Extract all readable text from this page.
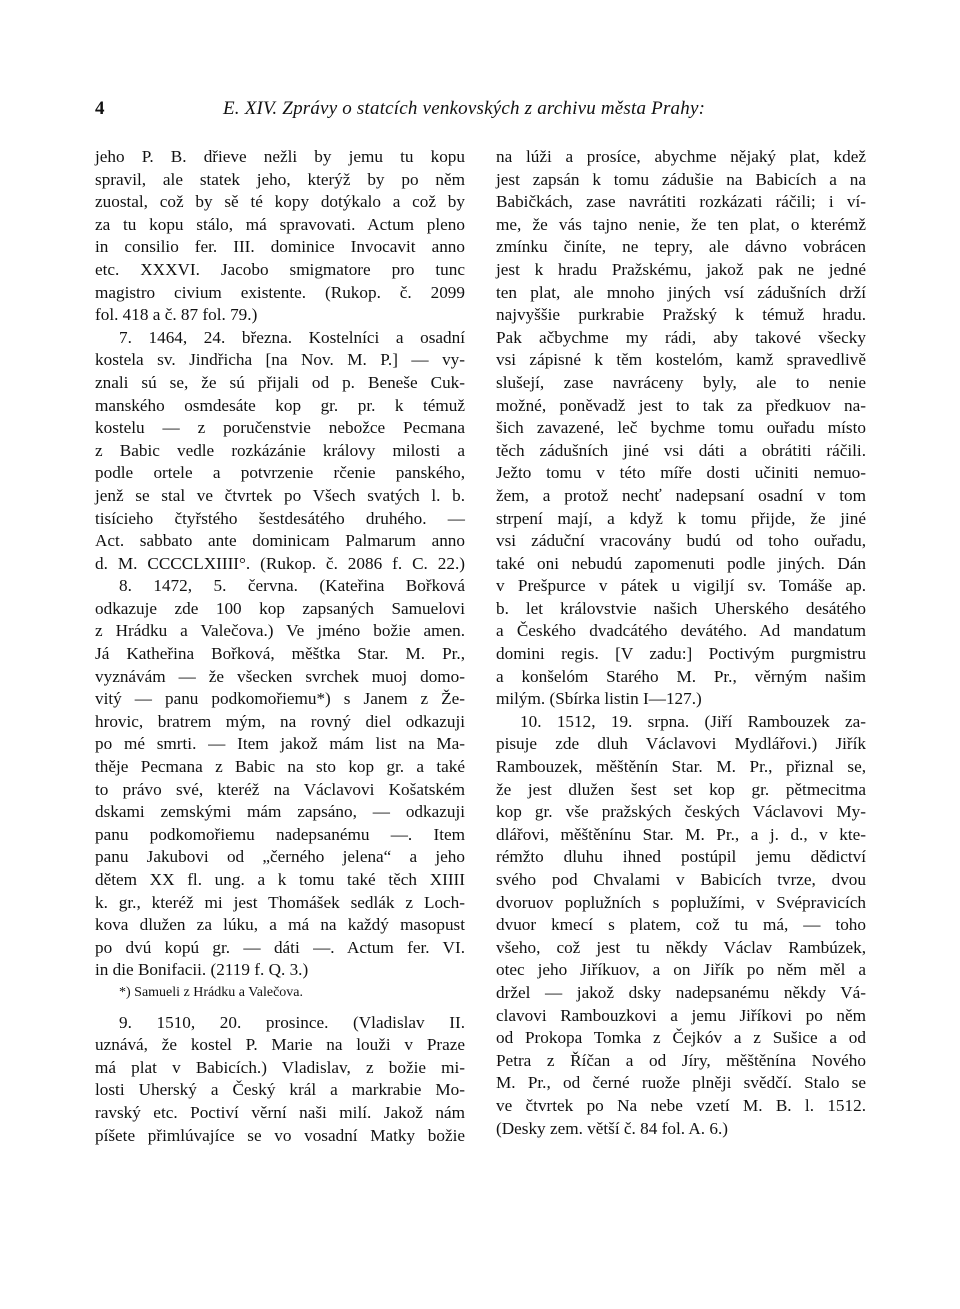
4	E. XIV. Zprávy o statcích venkovských z archivu města Prahy:
jeho P. B. dřieve nežli by jemu tu kopu
spravil, ale statek jeho, kterýž by po něm
zuostal, což by sě té kopy dotýkalo a což by
za tu kopu stálo, má spravovati. Actum pleno
in consilio fer. III. dominice Invocavit anno
etc. XXXVI. Jacobo smigmatore pro tunc
magistro civium existente. (Rukop. č. 2099
fol. 418 a č. 87 fol. 79.)
7. 1464, 24. března. Kostelníci a osadní
kostela sv. Jindřicha [na Nov. M. P.] — vy-
znali sú se, že sú přijali od p. Beneše Cuk-
manského osmdesáte kop gr. pr. k témuž
kostelu — z poručenstvie nebožce Pecmana
z Babic vedle rozkázánie královy milosti a
podle ortele a potvrzenie rčenie panského,
jenž se stal ve čtvrtek po Všech svatých l. b.
tisícieho čtyřstého šestdesátého druhého. —
Act. sabbato ante dominicam Palmarum anno
d. M. CCCCLXIIII°. (Rukop. č. 2086 f. C. 22.)
8. 1472, 5. června. (Kateřina Bořková
odkazuje zde 100 kop zapsaných Samuelovi
z Hrádku a Valečova.) Ve jméno božie amen.
Já Katheřina Bořková, měštka Star. M. Pr.,
vyznávám — že všecken svrchek muoj domo-
vitý — panu podkomořiemu*) s Janem z Že-
hrovic, bratrem mým, na rovný diel odkazuji
po mé smrti. — Item jakož mám list na Ma-
thěje Pecmana z Babic na sto kop gr. a také
to právo své, kteréž na Václavovi Košatském
dskami zemskými mám zapsáno, — odkazuji
panu podkomořiemu nadepsanému —. Item
panu Jakubovi od „černého jelena“ a jeho
dětem XX fl. ung. a k tomu také těch XIIII
k. gr., kteréž mi jest Thomášek sedlák z Loch-
kova dlužen za lúku, a má na každý masopust
po dvú kopú gr. — dáti —. Actum fer. VI.
in die Bonifacii. (2119 f. Q. 3.)
*) Samueli z Hrádku a Valečova.
9. 1510, 20. prosince. (Vladislav II.
uznává, že kostel P. Marie na louži v Praze
má plat v Babicích.) Vladislav, z božie mi-
losti Uherský a Český král a markrabie Mo-
ravský etc. Poctiví věrní naši milí. Jakož nám
píšete přimlúvajíce se vo vosadní Matky božie
na lúži a prosíce, abychme nějaký plat, kdež
jest zapsán k tomu zádušie na Babicích a na
Babičkách, zase navrátiti rozkázati ráčili; i ví-
me, že vás tajno nenie, že ten plat, o kterémž
zmínku činíte, ne tepry, ale dávno vobrácen
jest k hradu Pražskému, jakož pak ne jedné
ten plat, ale mnoho jiných vsí zádušních drží
najvyššie purkrabie Pražský k témuž hradu.
Pak ačbychme my rádi, aby takové všecky
vsi zápisné k těm kostelóm, kamž spravedlivě
slušejí, zase navráceny byly, ale to nenie
možné, poněvadž jest to tak za předkuov na-
šich zavazené, leč bychme tomu ouřadu místo
těch zádušních jiné vsi dáti a obrátiti ráčili.
Ježto tomu v této míře dosti učiniti nemuo-
žem, a protož nechť nadepsaní osadní v tom
strpení mají, a když k tomu přijde, že jiné
vsi záduční vracovány budú od toho ouřadu,
také oni nebudú zapomenuti podle jiných. Dán
v Prešpurce v pátek u vigiljí sv. Tomáše ap.
b. let královstvie našich Uherského desátého
a Českého dvadcátého devátého. Ad mandatum
domini regis. [V zadu:] Poctivým purgmistru
a konšelóm Starého M. Pr., věrným našim
milým. (Sbírka listin I—127.)
10. 1512, 19. srpna. (Jiří Rambouzek za-
pisuje zde dluh Václavovi Mydlářovi.) Jiřík
Rambouzek, měštěnín Star. M. Pr., přiznal se,
že jest dlužen šest set kop gr. pětmecitma
kop gr. vše pražských českých Václavovi My-
dlářovi, měštěnínu Star. M. Pr., a j. d., v kte-
rémžto dluhu ihned postúpil jemu dědictví
svého pod Chvalami v Babicích tvrze, dvou
dvoruov poplužních s poplužími, v Svépravicích
dvuor kmecí s platem, což tu má, — toho
všeho, což jest tu někdy Václav Rambúzek,
otec jeho Jiříkuov, a on Jiřík po něm měl a
držel — jakož dsky nadepsanému někdy Vá-
clavovi Rambouzkovi a jemu Jiříkovi po něm
od Prokopa Tomka z Čejkóv a z Sušice a od
Petra z Říčan a od Jíry, měštěnína Nového
M. Pr., od černé ruože plněji svědčí. Stalo se
ve čtvrtek po Na nebe vzetí M. B. l. 1512.
(Desky zem. větší č. 84 fol. A. 6.)
